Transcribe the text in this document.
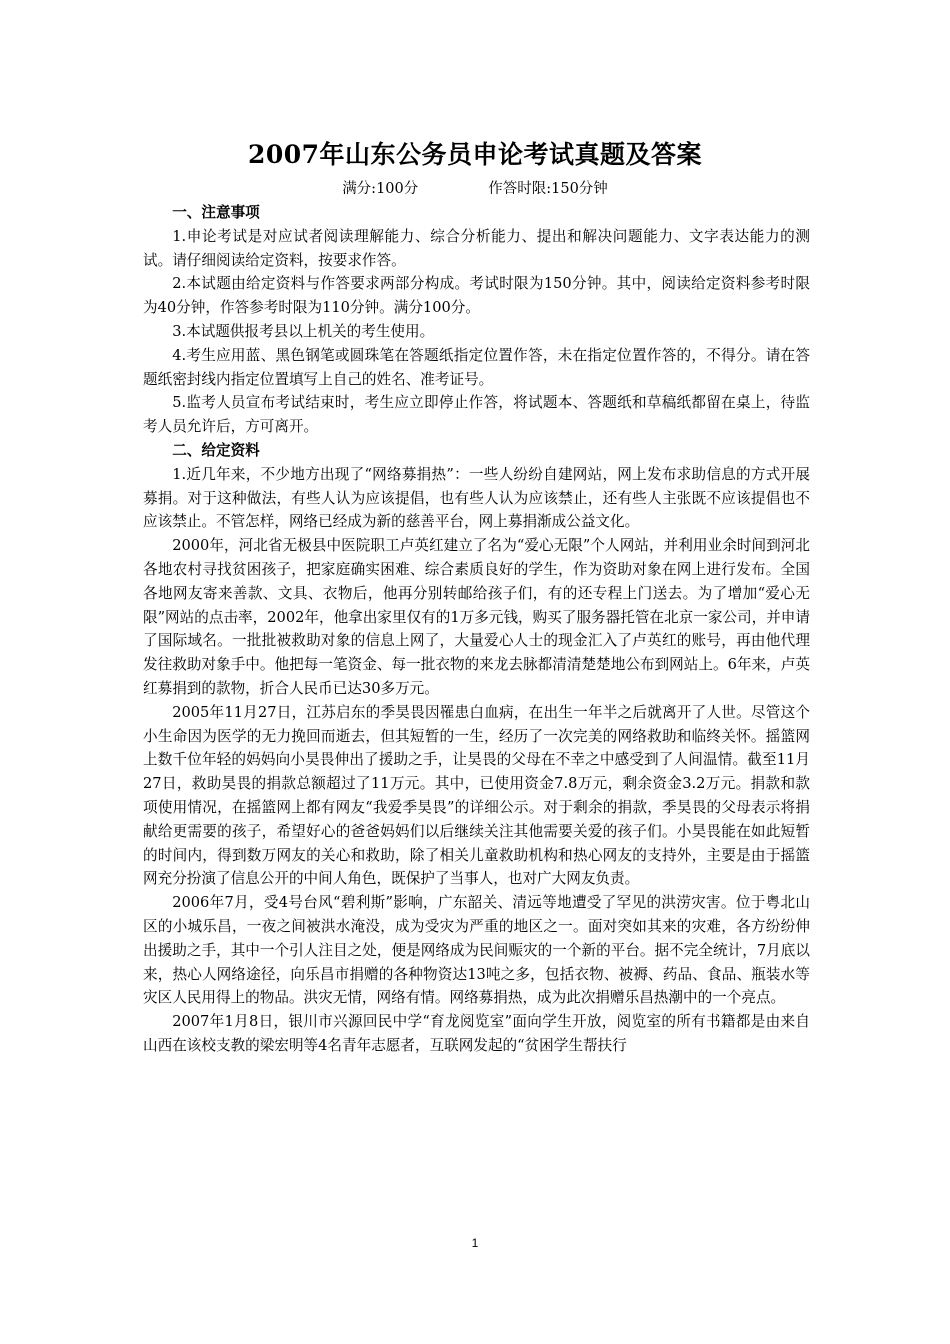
2007年山东公务员申论考试真题及答案
满分:100分	作答时限:150分钟
一、注意事项

1.申论考试是对应试者阅读理解能力、综合分析能力、提出和解决问题能力、文字表达能力的测试。请仔细阅读给定资料，按要求作答。

2.本试题由给定资料与作答要求两部分构成。考试时限为150分钟。其中，阅读给定资料参考时限为40分钟，作答参考时限为110分钟。满分100分。

3.本试题供报考县以上机关的考生使用。

4.考生应用蓝、黑色钢笔或圆珠笔在答题纸指定位置作答，未在指定位置作答的，不得分。请在答题纸密封线内指定位置填写上自己的姓名、准考证号。

5.监考人员宣布考试结束时，考生应立即停止作答，将试题本、答题纸和草稿纸都留在桌上，待监考人员允许后，方可离开。

二、给定资料

1.近几年来，不少地方出现了“网络募捐热”：一些人纷纷自建网站，网上发布求助信息的方式开展募捐。对于这种做法，有些人认为应该提倡，也有些人认为应该禁止，还有些人主张既不应该提倡也不应该禁止。不管怎样，网络已经成为新的慈善平台，网上募捐渐成公益文化。

2000年，河北省无极县中医院职工卢英红建立了名为“爱心无限”个人网站，并利用业余时间到河北各地农村寻找贫困孩子，把家庭确实困难、综合素质良好的学生，作为资助对象在网上进行发布。全国各地网友寄来善款、文具、衣物后，他再分别转邮给孩子们，有的还专程上门送去。为了增加“爱心无限”网站的点击率，2002年，他拿出家里仅有的1万多元钱，购买了服务器托管在北京一家公司，并申请了国际域名。一批批被救助对象的信息上网了，大量爱心人士的现金汇入了卢英红的账号，再由他代理发往救助对象手中。他把每一笔资金、每一批衣物的来龙去脉都清清楚楚地公布到网站上。6年来，卢英红募捐到的款物，折合人民币已达30多万元。

2005年11月27日，江苏启东的季昊畏因罹患白血病，在出生一年半之后就离开了人世。尽管这个小生命因为医学的无力挽回而逝去，但其短暂的一生，经历了一次完美的网络救助和临终关怀。摇篮网上数千位年轻的妈妈向小昊畏伸出了援助之手，让昊畏的父母在不幸之中感受到了人间温情。截至11月27日，救助昊畏的捐款总额超过了11万元。其中，已使用资金7.8万元，剩余资金3.2万元。捐款和款项使用情况，在摇篮网上都有网友“我爱季昊畏”的详细公示。对于剩余的捐款，季昊畏的父母表示将捐献给更需要的孩子，希望好心的爸爸妈妈们以后继续关注其他需要关爱的孩子们。小昊畏能在如此短暂的时间内，得到数万网友的关心和救助，除了相关儿童救助机构和热心网友的支持外，主要是由于摇篮网充分扮演了信息公开的中间人角色，既保护了当事人，也对广大网友负责。

2006年7月，受4号台风“碧利斯”影响，广东韶关、清远等地遭受了罕见的洪涝灾害。位于粤北山区的小城乐昌，一夜之间被洪水淹没，成为受灾为严重的地区之一。面对突如其来的灾难，各方纷纷伸出援助之手，其中一个引人注目之处，便是网络成为民间赈灾的一个新的平台。据不完全统计，7月底以来，热心人网络途径，向乐昌市捐赠的各种物资达13吨之多，包括衣物、被褥、药品、食品、瓶装水等灾区人民用得上的物品。洪灾无情，网络有情。网络募捐热，成为此次捐赠乐昌热潮中的一个亮点。

2007年1月8日，银川市兴源回民中学“育龙阅览室”面向学生开放，阅览室的所有书籍都是由来自山西在该校支教的梁宏明等4名青年志愿者，互联网发起的“贫困学生帮扶行

1
